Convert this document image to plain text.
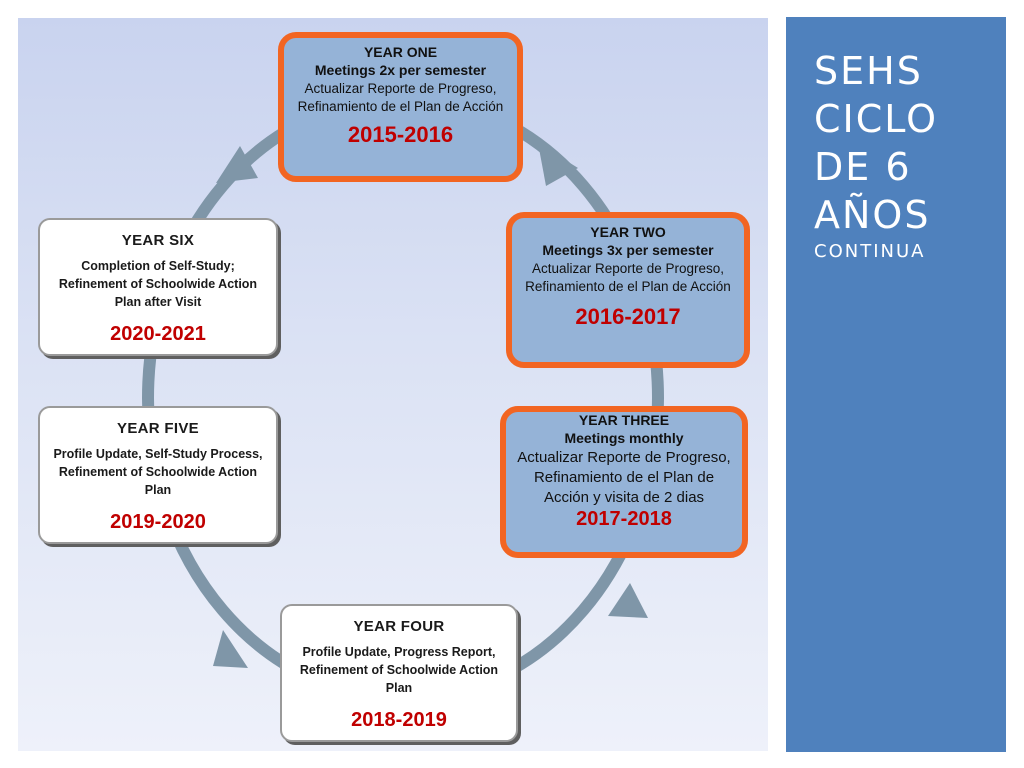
YEAR ONE
Meetings 2x per semester
Actualizar Reporte de Progreso, Refinamiento de el Plan de Acción
2015-2016
YEAR TWO
Meetings 3x per semester
Actualizar Reporte de Progreso, Refinamiento de el Plan de Acción
2016-2017
YEAR THREE
Meetings monthly
Actualizar Reporte de Progreso, Refinamiento de el Plan de Acción y visita de 2 dias
2017-2018
YEAR FOUR
Profile Update, Progress Report, Refinement of Schoolwide Action Plan
2018-2019
YEAR FIVE
Profile Update, Self-Study Process, Refinement of Schoolwide Action Plan
2019-2020
YEAR SIX
Completion of Self-Study; Refinement of Schoolwide Action Plan after Visit
2020-2021
SEHS
CICLO
DE 6
AÑOS
CONTINUA
